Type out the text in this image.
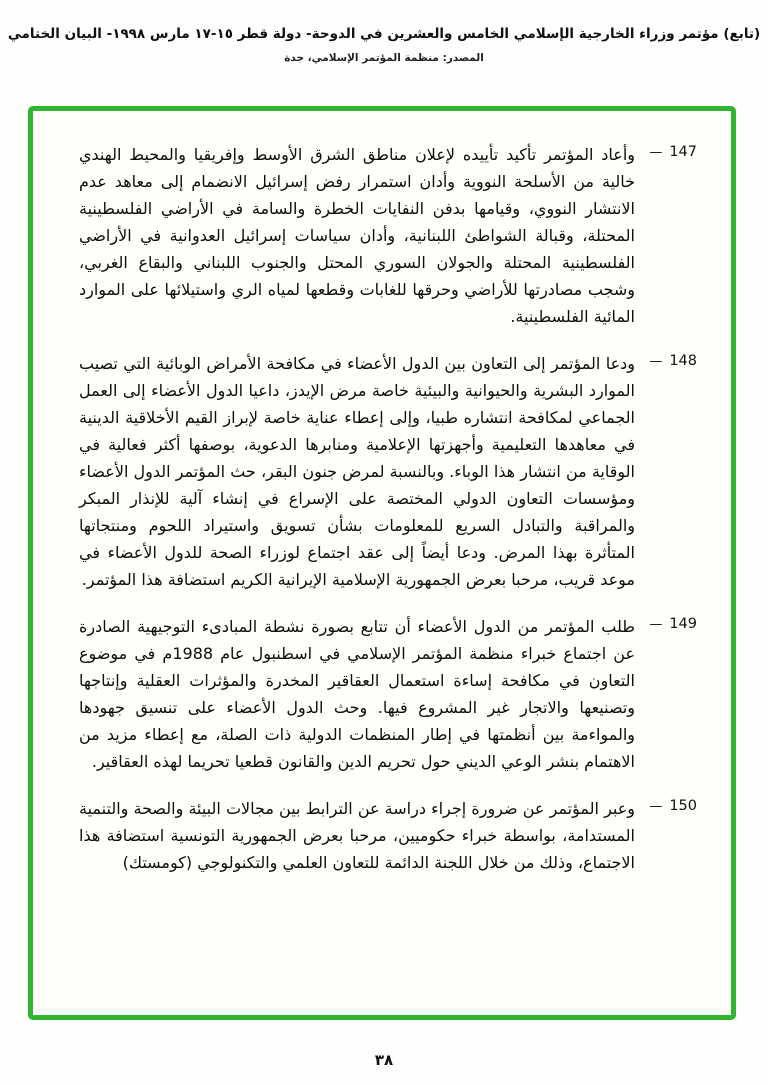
(تابع) مؤتمر وزراء الخارجية الإسلامي الخامس والعشرين في الدوحة- دولة قطر ١٥-١٧ مارس ١٩٩٨- البيان الختامي
المصدر: منظمة المؤتمر الإسلامي، جدة
147
—
وأعاد المؤتمر تأكيد تأييده لإعلان مناطق الشرق الأوسط وإفريقيا والمحيط الهندي خالية من الأسلحة النووية وأدان استمرار رفض إسرائيل الانضمام إلى معاهد عدم الانتشار النووي، وقيامها بدفن النفايات الخطرة والسامة في الأراضي الفلسطينية المحتلة، وقبالة الشواطئ اللبنانية، وأدان سياسات إسرائيل العدوانية في الأراضي الفلسطينية المحتلة والجولان السوري المحتل والجنوب اللبناني والبقاع الغربي، وشجب مصادرتها للأراضي وحرقها للغابات وقطعها لمياه الري واستيلائها على الموارد المائية الفلسطينية.
148
—
ودعا المؤتمر إلى التعاون بين الدول الأعضاء في مكافحة الأمراض الوبائية التي تصيب الموارد البشرية والحيوانية والبيئية خاصة مرض الإيدز، داعيا الدول الأعضاء إلى العمل الجماعي لمكافحة انتشاره طبيا، وإلى إعطاء عناية خاصة لإبراز القيم الأخلاقية الدينية في معاهدها التعليمية وأجهزتها الإعلامية ومنابرها الدعوية، بوصفها أكثر فعالية في الوقاية من انتشار هذا الوباء. وبالنسبة لمرض جنون البقر، حث المؤتمر الدول الأعضاء ومؤسسات التعاون الدولي المختصة على الإسراع في إنشاء آلية للإنذار المبكر والمراقبة والتبادل السريع للمعلومات بشأن تسويق واستيراد اللحوم ومنتجاتها المتأثرة بهذا المرض. ودعا أيضاً إلى عقد اجتماع لوزراء الصحة للدول الأعضاء في موعد قريب، مرحبا بعرض الجمهورية الإسلامية الإيرانية الكريم استضافة هذا المؤتمر.
149
—
طلب المؤتمر من الدول الأعضاء أن تتابع بصورة نشطة المبادىء التوجيهية الصادرة عن اجتماع خبراء منظمة المؤتمر الإسلامي في اسطنبول عام 1988م في موضوع التعاون في مكافحة إساءة استعمال العقاقير المخدرة والمؤثرات العقلية وإنتاجها وتصنيعها والاتجار غير المشروع فيها. وحث الدول الأعضاء على تنسيق جهودها والمواءمة بين أنظمتها في إطار المنظمات الدولية ذات الصلة، مع إعطاء مزيد من الاهتمام بنشر الوعي الديني حول تحريم الدين والقانون قطعيا تحريما لهذه العقاقير.
150
—
وعبر المؤتمر عن ضرورة إجراء دراسة عن الترابط بين مجالات البيئة والصحة والتنمية المستدامة، بواسطة خبراء حكوميين، مرحبا بعرض الجمهورية التونسية استضافة هذا الاجتماع، وذلك من خلال اللجنة الدائمة للتعاون العلمي والتكنولوجي (كومستك)
٣٨
